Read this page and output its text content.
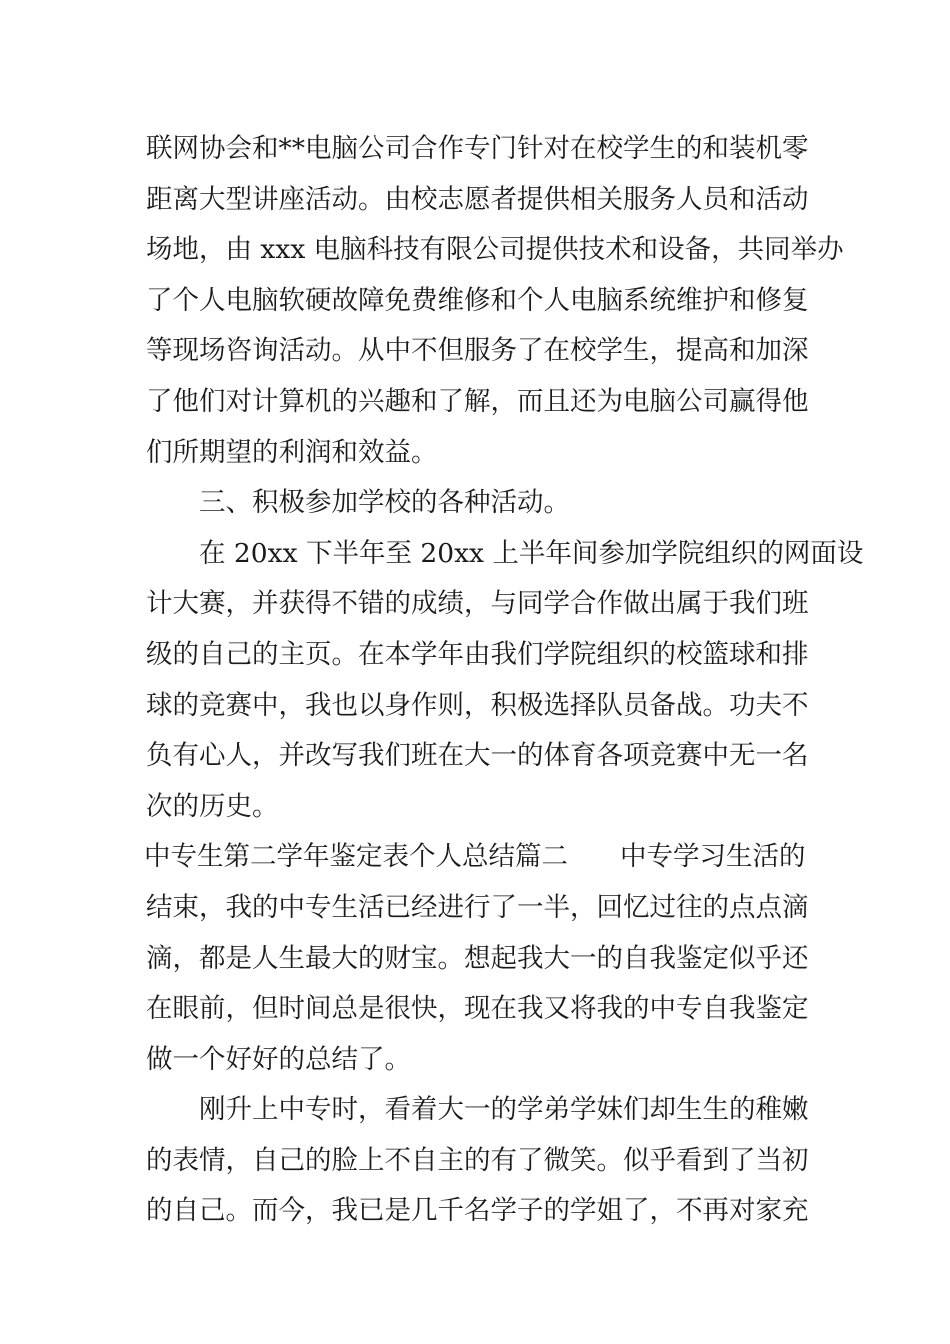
联网协会和**电脑公司合作专门针对在校学生的和装机零
距离大型讲座活动。由校志愿者提供相关服务人员和活动
场地，由 xxx 电脑科技有限公司提供技术和设备，共同举办
了个人电脑软硬故障免费维修和个人电脑系统维护和修复
等现场咨询活动。从中不但服务了在校学生，提高和加深
了他们对计算机的兴趣和了解，而且还为电脑公司赢得他
们所期望的利润和效益。
三、积极参加学校的各种活动。
在 20xx 下半年至 20xx 上半年间参加学院组织的网面设
计大赛，并获得不错的成绩，与同学合作做出属于我们班
级的自己的主页。在本学年由我们学院组织的校篮球和排
球的竞赛中，我也以身作则，积极选择队员备战。功夫不
负有心人，并改写我们班在大一的体育各项竞赛中无一名
次的历史。
中专生第二学年鉴定表个人总结篇二 中专学习生活的
结束，我的中专生活已经进行了一半，回忆过往的点点滴
滴，都是人生最大的财宝。想起我大一的自我鉴定似乎还
在眼前，但时间总是很快，现在我又将我的中专自我鉴定
做一个好好的总结了。
刚升上中专时，看着大一的学弟学妹们却生生的稚嫩
的表情，自己的脸上不自主的有了微笑。似乎看到了当初
的自己。而今，我已是几千名学子的学姐了，不再对家充
